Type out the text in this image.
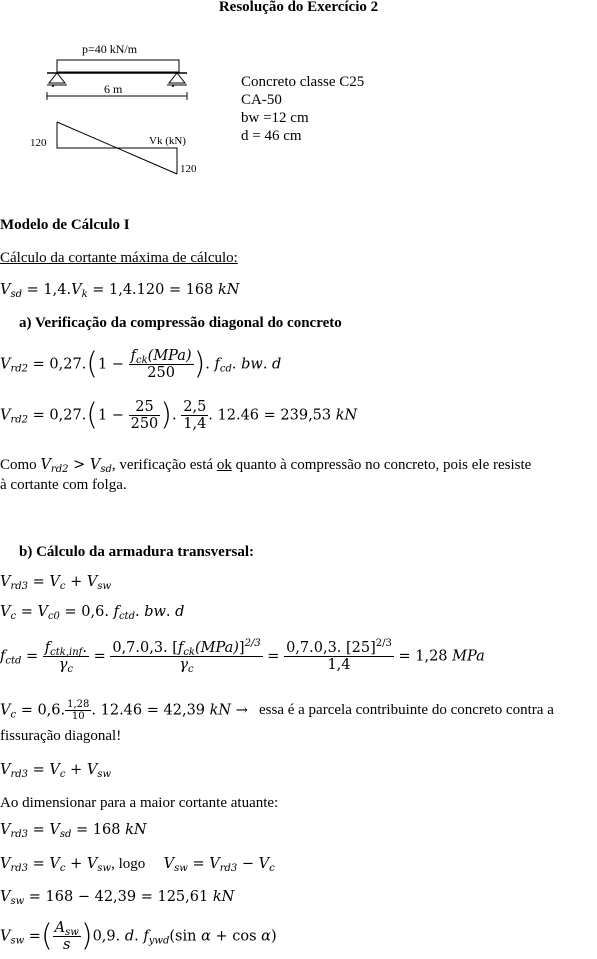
Resolução do Exercício 2
p=40 kN/m
6 m
120	Vk (kN)
120
Concreto classe C25
CA-50
bw =12 cm
d = 46 cm
Modelo de Cálculo I
Cálculo da cortante máxima de cálculo:
$V_{sd} = 1,4.V_k = 1,4.120 = 168$ kN
a) Verificação da compressão diagonal do concreto
$V_{rd2} = 0,27.(1 - \frac{f_{ck}(MPa)}{250}$ ). $f_{cd}$. bw. d
$V_{rd2} = 0,27.(1 - \frac{25}{250}$ ). $\frac{2,5}{1,4}$ . 12.46 = 239,53 kN
Como $V_{rd2} > V_{sd}$, verificação está ok quanto à compressão no concreto, pois ele resiste
à cortante com folga.
b) Cálculo da armadura transversal:
$V_{rd3} = V_c + V_{sw}$
$V_c = V_{c0} = 0,6$. $f_{ctd}$. bw. d
$f_{ctd} = \frac{f_{ctk,inf}.}{\gamma_c} = \frac{0,7.0,3. [f_{ck}(MPa)]^{2/3}}{\gamma_c} = \frac{0,7.0,3. [25]^{2/3}}{1,4} = 1,28$ MPa
$V_c = 0,6$. $\frac{1,28}{10}$ . 12.46 = 42,39 kN → essa é a parcela contribuinte do concreto contra a
fissuração diagonal!
$V_{rd3} = V_c + V_{sw}$
Ao dimensionar para a maior cortante atuante:
$V_{rd3} = V_{sd} = 168$ kN
$V_{rd3} = V_c + V_{sw}$, logo    $V_{sw} = V_{rd3} - V_c$
$V_{sw} = 168 - 42,39 = 125,61$ kN
$V_{sw}$ =( $\frac{A_{sw}}{s} )0,9$. d. $f_{ywd}(\sin$ α + cos α)
